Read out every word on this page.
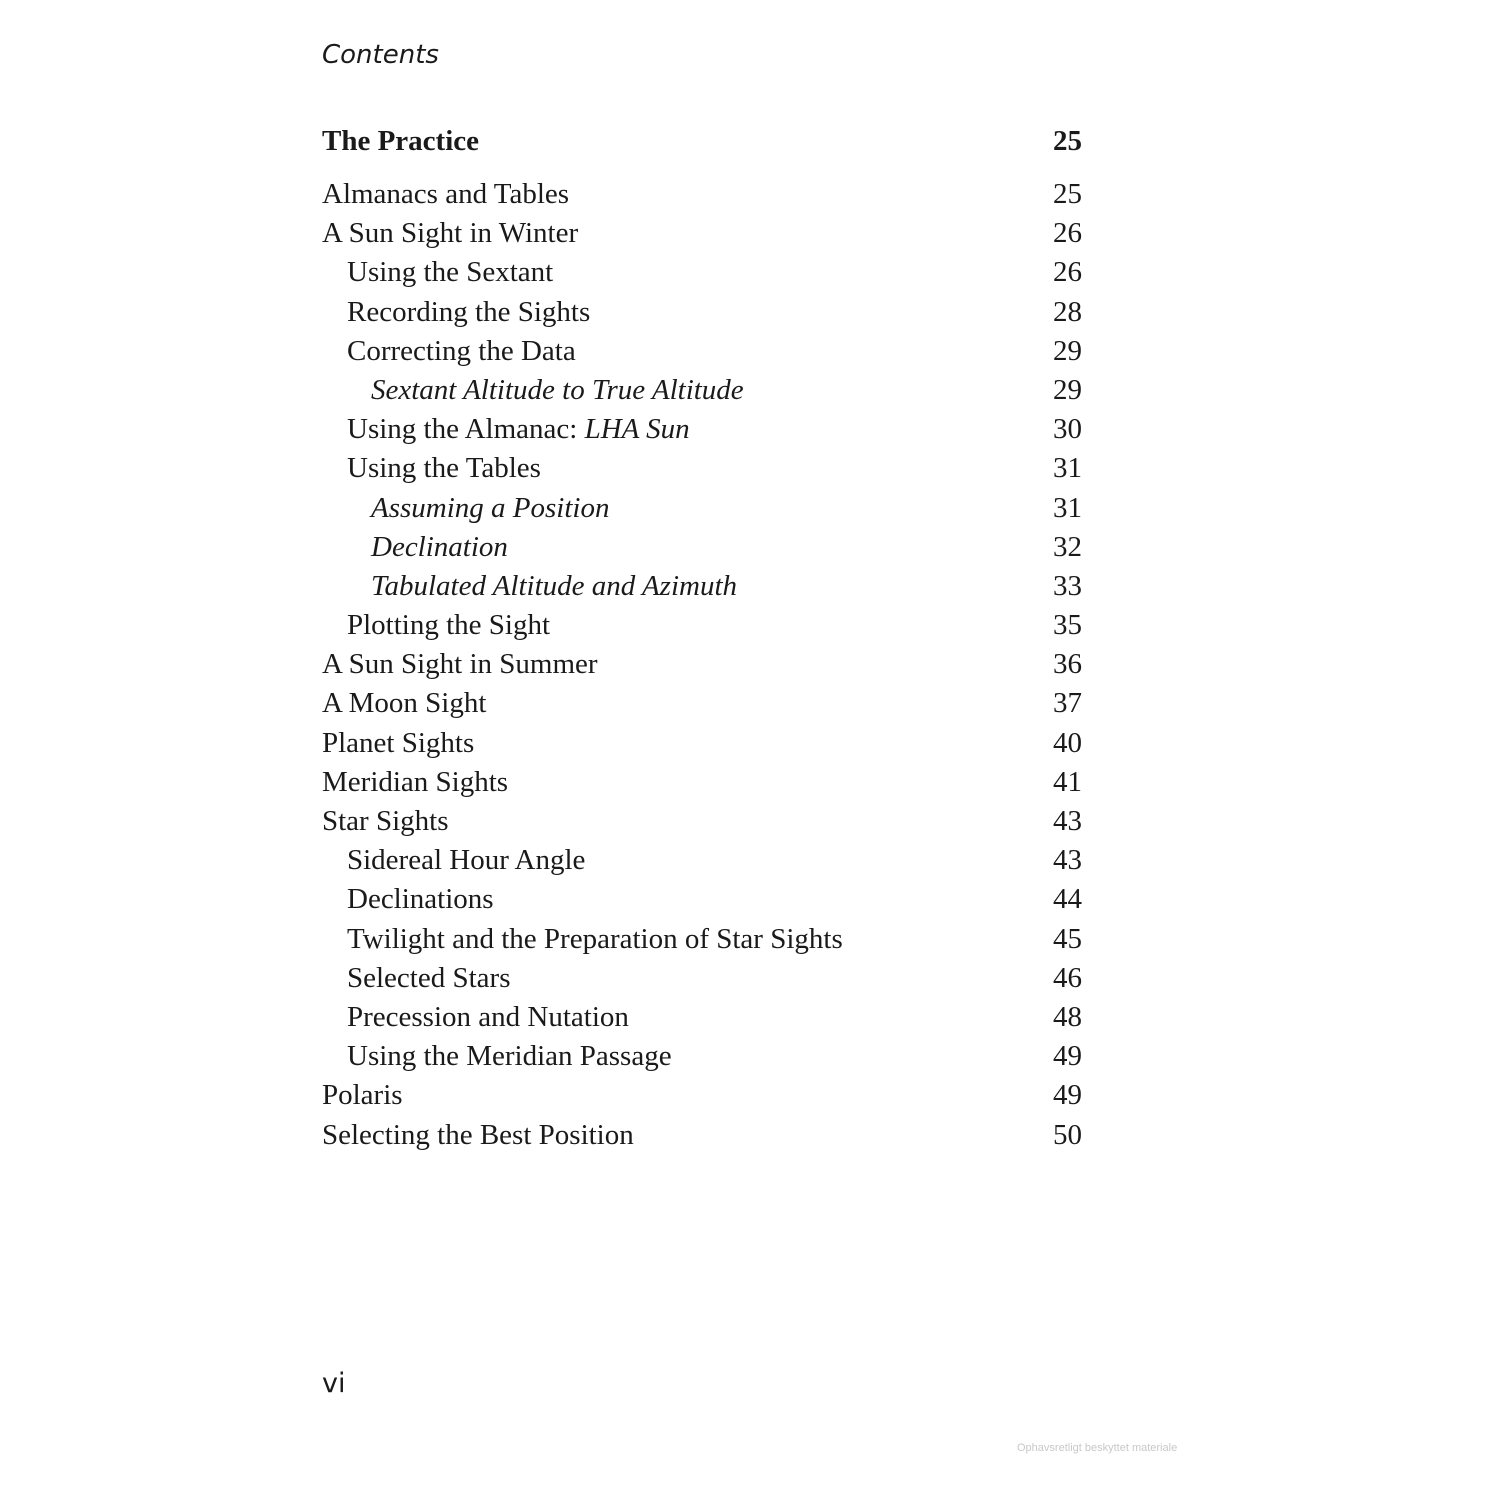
Contents
The Practice	25
Almanacs and Tables	25
A Sun Sight in Winter	26
Using the Sextant	26
Recording the Sights	28
Correcting the Data	29
Sextant Altitude to True Altitude	29
Using the Almanac: LHA Sun	30
Using the Tables	31
Assuming a Position	31
Declination	32
Tabulated Altitude and Azimuth	33
Plotting the Sight	35
A Sun Sight in Summer	36
A Moon Sight	37
Planet Sights	40
Meridian Sights	41
Star Sights	43
Sidereal Hour Angle	43
Declinations	44
Twilight and the Preparation of Star Sights	45
Selected Stars	46
Precession and Nutation	48
Using the Meridian Passage	49
Polaris	49
Selecting the Best Position	50
vi
Ophavsretligt beskyttet materiale
